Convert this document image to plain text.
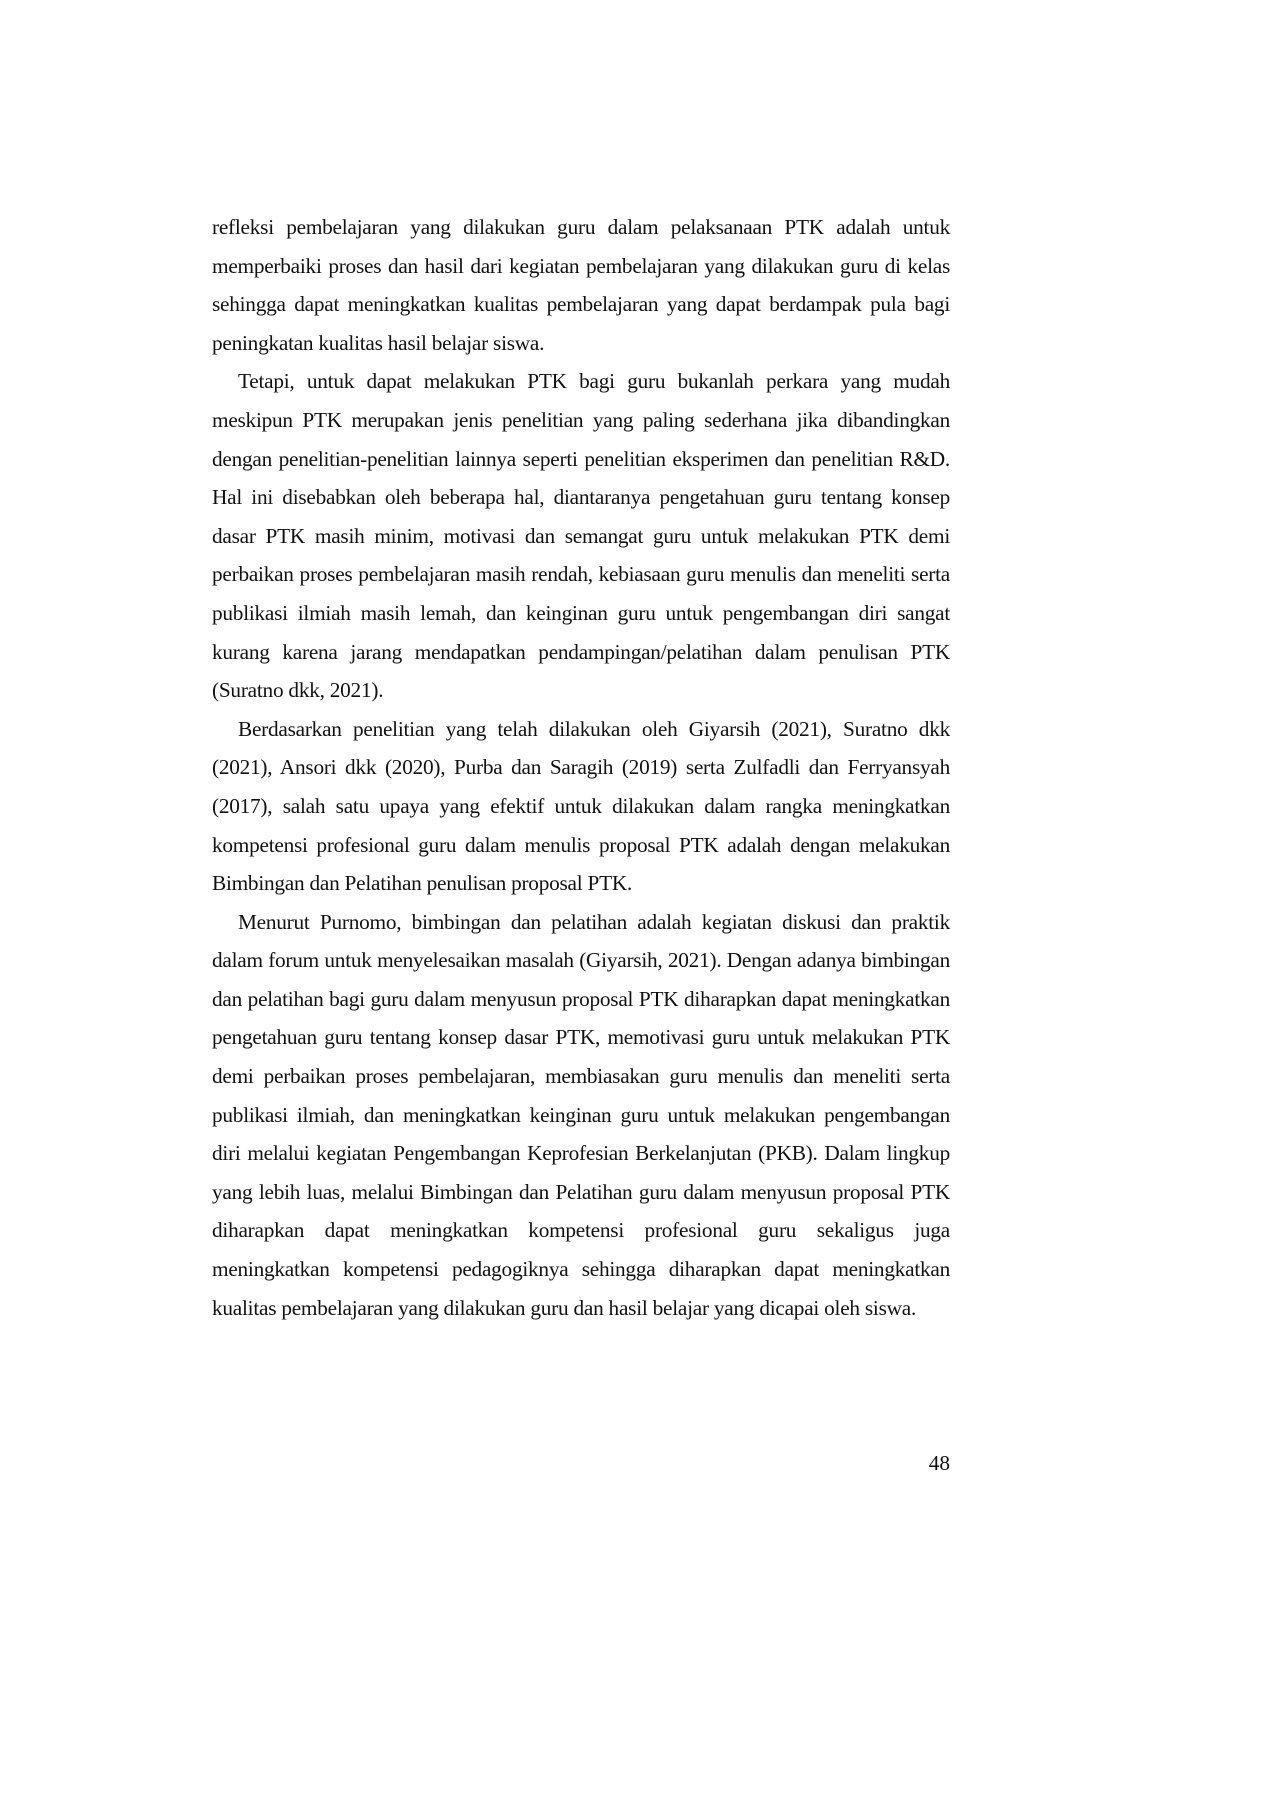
refleksi pembelajaran yang dilakukan guru dalam pelaksanaan PTK adalah untuk memperbaiki proses dan hasil dari kegiatan pembelajaran yang dilakukan guru di kelas sehingga dapat meningkatkan kualitas pembelajaran yang dapat berdampak pula bagi peningkatan kualitas hasil belajar siswa.

Tetapi, untuk dapat melakukan PTK bagi guru bukanlah perkara yang mudah meskipun PTK merupakan jenis penelitian yang paling sederhana jika dibandingkan dengan penelitian-penelitian lainnya seperti penelitian eksperimen dan penelitian R&D. Hal ini disebabkan oleh beberapa hal, diantaranya pengetahuan guru tentang konsep dasar PTK masih minim, motivasi dan semangat guru untuk melakukan PTK demi perbaikan proses pembelajaran masih rendah, kebiasaan guru menulis dan meneliti serta publikasi ilmiah masih lemah, dan keinginan guru untuk pengembangan diri sangat kurang karena jarang mendapatkan pendampingan/pelatihan dalam penulisan PTK (Suratno dkk, 2021).

Berdasarkan penelitian yang telah dilakukan oleh Giyarsih (2021), Suratno dkk (2021), Ansori dkk (2020), Purba dan Saragih (2019) serta Zulfadli dan Ferryansyah (2017), salah satu upaya yang efektif untuk dilakukan dalam rangka meningkatkan kompetensi profesional guru dalam menulis proposal PTK adalah dengan melakukan Bimbingan dan Pelatihan penulisan proposal PTK.

Menurut Purnomo, bimbingan dan pelatihan adalah kegiatan diskusi dan praktik dalam forum untuk menyelesaikan masalah (Giyarsih, 2021). Dengan adanya bimbingan dan pelatihan bagi guru dalam menyusun proposal PTK diharapkan dapat meningkatkan pengetahuan guru tentang konsep dasar PTK, memotivasi guru untuk melakukan PTK demi perbaikan proses pembelajaran, membiasakan guru menulis dan meneliti serta publikasi ilmiah, dan meningkatkan keinginan guru untuk melakukan pengembangan diri melalui kegiatan Pengembangan Keprofesian Berkelanjutan (PKB). Dalam lingkup yang lebih luas, melalui Bimbingan dan Pelatihan guru dalam menyusun proposal PTK diharapkan dapat meningkatkan kompetensi profesional guru sekaligus juga meningkatkan kompetensi pedagogiknya sehingga diharapkan dapat meningkatkan kualitas pembelajaran yang dilakukan guru dan hasil belajar yang dicapai oleh siswa.

48
